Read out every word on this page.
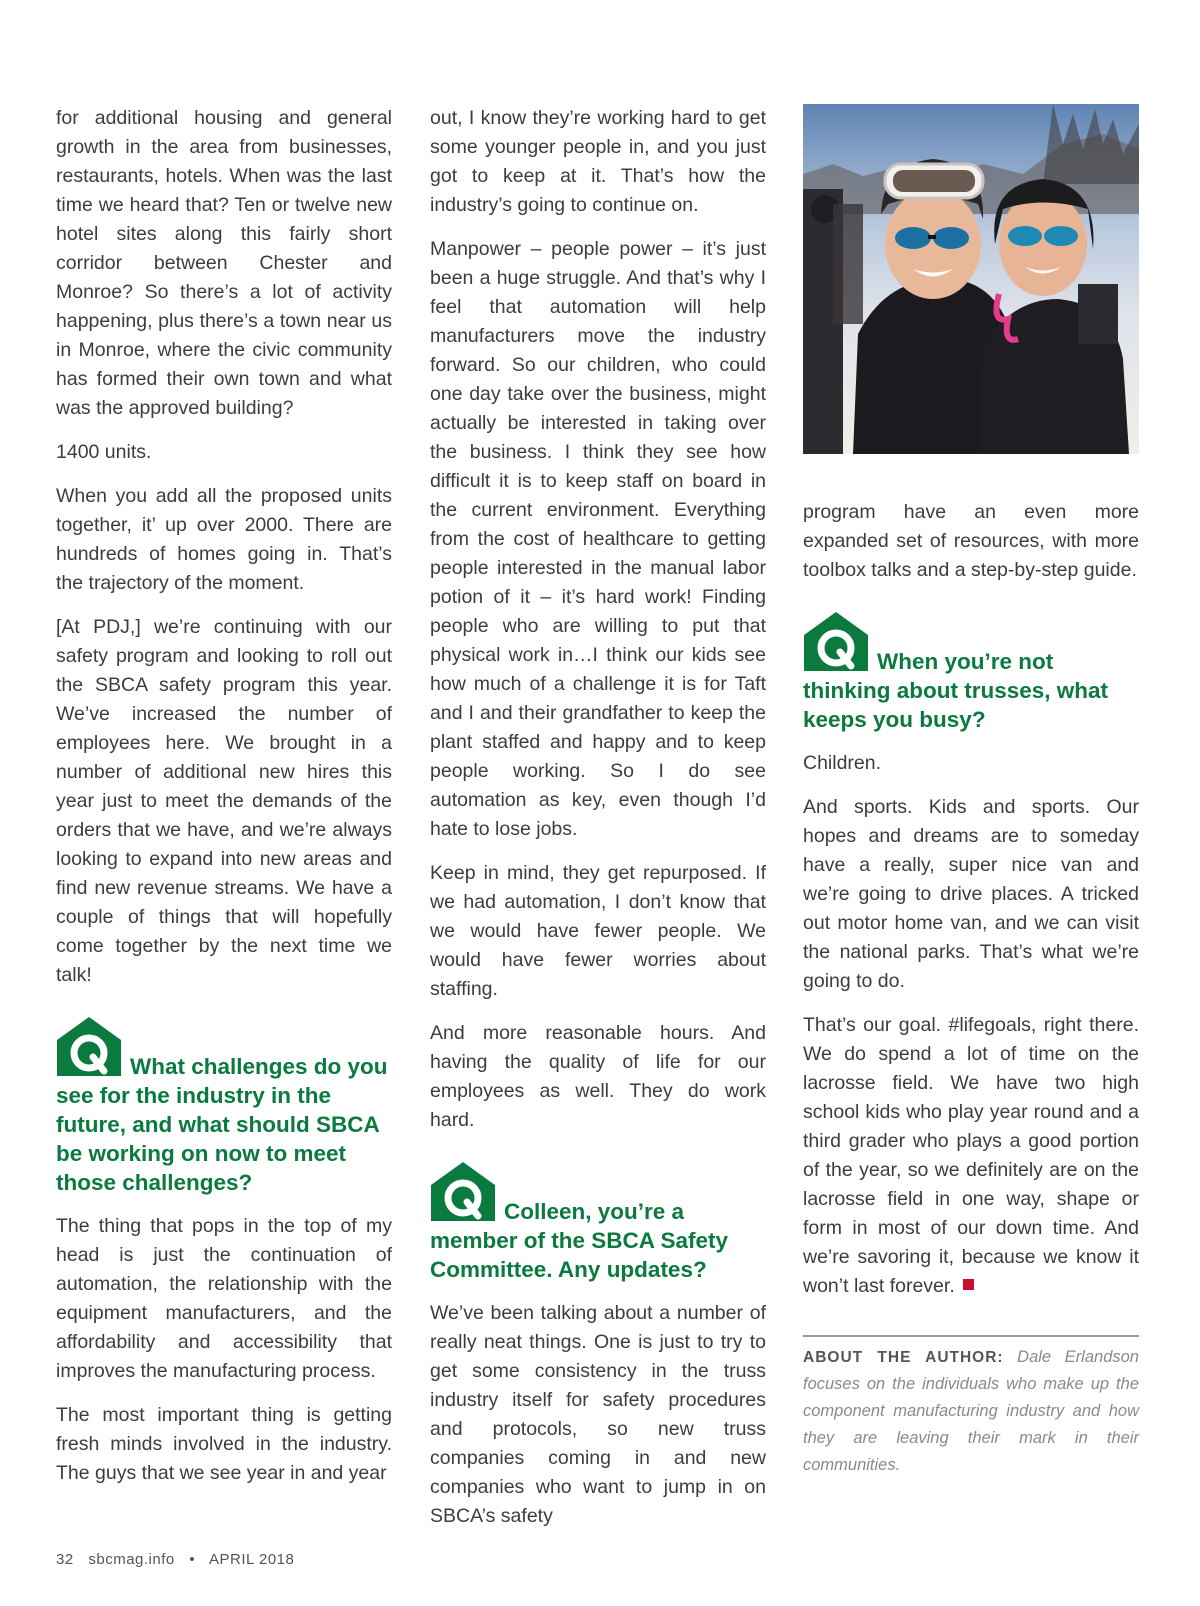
for additional housing and general growth in the area from businesses, restaurants, hotels. When was the last time we heard that? Ten or twelve new hotel sites along this fairly short corridor between Chester and Monroe? So there’s a lot of activity happening, plus there’s a town near us in Monroe, where the civic community has formed their own town and what was the approved building?

1400 units.

When you add all the proposed units together, it’ up over 2000. There are hundreds of homes going in. That’s the trajectory of the moment.

[At PDJ,] we’re continuing with our safety program and looking to roll out the SBCA safety program this year. We’ve increased the number of employees here. We brought in a number of additional new hires this year just to meet the demands of the orders that we have, and we’re always looking to expand into new areas and find new revenue streams. We have a couple of things that will hopefully come together by the next time we talk!

Q
What challenges do you see for the industry in the future, and what should SBCA be working on now to meet those challenges?

The thing that pops in the top of my head is just the continuation of automation, the relationship with the equipment manufacturers, and the affordability and accessibility that improves the manufacturing process.

The most important thing is getting fresh minds involved in the industry. The guys that we see year in and year

out, I know they’re working hard to get some younger people in, and you just got to keep at it. That’s how the industry’s going to continue on.

Manpower – people power – it’s just been a huge struggle. And that’s why I feel that automation will help manufacturers move the industry forward. So our children, who could one day take over the business, might actually be interested in taking over the business. I think they see how difficult it is to keep staff on board in the current environment. Everything from the cost of healthcare to getting people interested in the manual labor potion of it – it’s hard work! Finding people who are willing to put that physical work in…I think our kids see how much of a challenge it is for Taft and I and their grandfather to keep the plant staffed and happy and to keep people working. So I do see automation as key, even though I’d hate to lose jobs.

Keep in mind, they get repurposed. If we had automation, I don’t know that we would have fewer people. We would have fewer worries about staffing.

And more reasonable hours. And having the quality of life for our employees as well. They do work hard.

Colleen, you’re a member of the SBCA Safety Committee. Any updates?

We’ve been talking about a number of really neat things. One is just to try to get some consistency in the truss industry itself for safety procedures and protocols, so new truss companies coming in and new companies who want to jump in on SBCA’s safety

program have an even more expanded set of resources, with more toolbox talks and a step-by-step guide.

When you’re not thinking about trusses, what keeps you busy?

Children.

And sports. Kids and sports. Our hopes and dreams are to someday have a really, super nice van and we’re going to drive places. A tricked out motor home van, and we can visit the national parks. That’s what we’re going to do.

That’s our goal. #lifegoals, right there. We do spend a lot of time on the lacrosse field. We have two high school kids who play year round and a third grader who plays a good portion of the year, so we definitely are on the lacrosse field in one way, shape or form in most of our down time. And we’re savoring it, because we know it won’t last forever.

ABOUT THE AUTHOR: Dale Erlandson focuses on the individuals who make up the component manufacturing industry and how they are leaving their mark in their communities.
32 sbcmag.info • APRIL 2018
